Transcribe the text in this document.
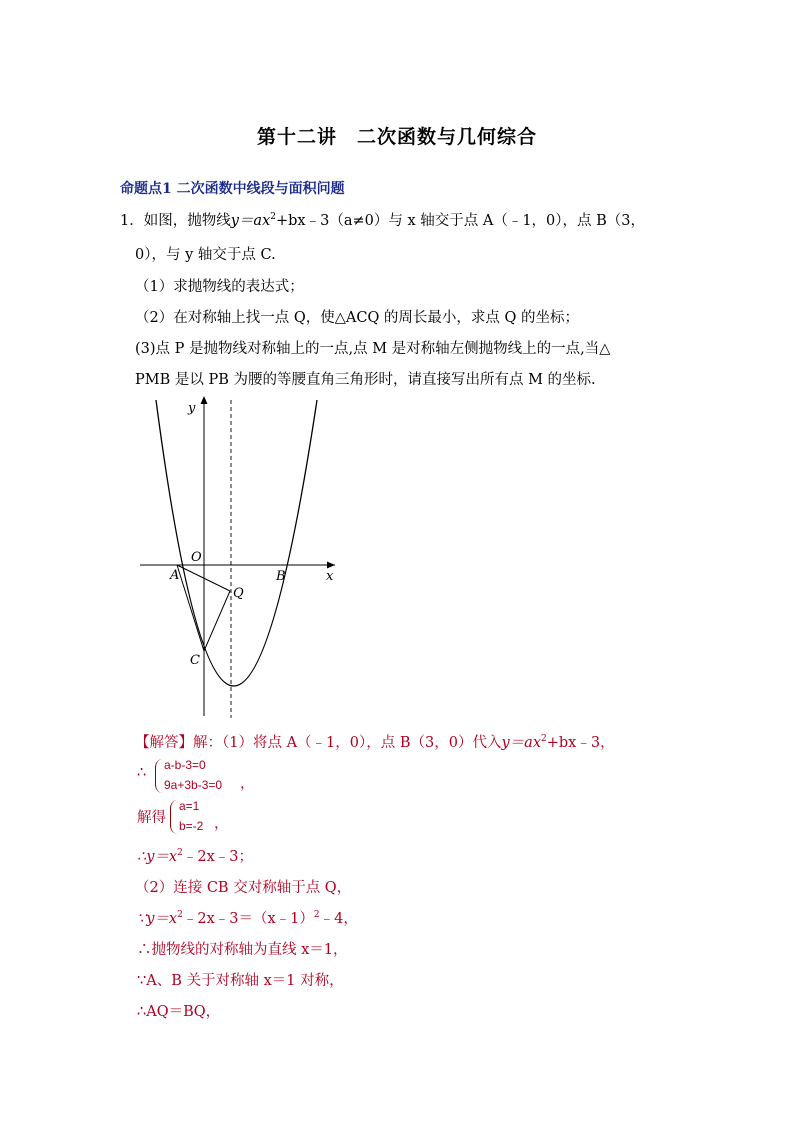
第十二讲　二次函数与几何综合
命题点1 二次函数中线段与面积问题
1．如图，抛物线$y=ax^2+bx﹣3(a\ne 0)$与 x 轴交于点 A（﹣1，0），点 B（3，
0），与 y 轴交于点 C.
（1）求抛物线的表达式；
（2）在对称轴上找一点 Q，使△ACQ 的周长最小，求点 Q 的坐标；
(3)点 P 是抛物线对称轴上的一点,点 M 是对称轴左侧抛物线上的一点,当△
PMB 是以 PB 为腰的等腰直角三角形时，请直接写出所有点 M 的坐标.
y
x
O
A	B
Q
C
【解答】解：（1）将点 A（﹣1，0），点 B（3，0）代入$y=ax^2+bx﹣3$，
∴ a-b-3=0
9a+3b-3=0 ，
解得
a=1
b=-2 ，
$\therefore y=x^2﹣2x﹣3$；
（2）连接 CB 交对称轴于点 Q，
$\because y=x^2﹣2x﹣3=(x﹣1)^2﹣4$，
∴抛物线的对称轴为直线 x＝1，
∵A、B 关于对称轴 x＝1 对称，
∴AQ＝BQ，
